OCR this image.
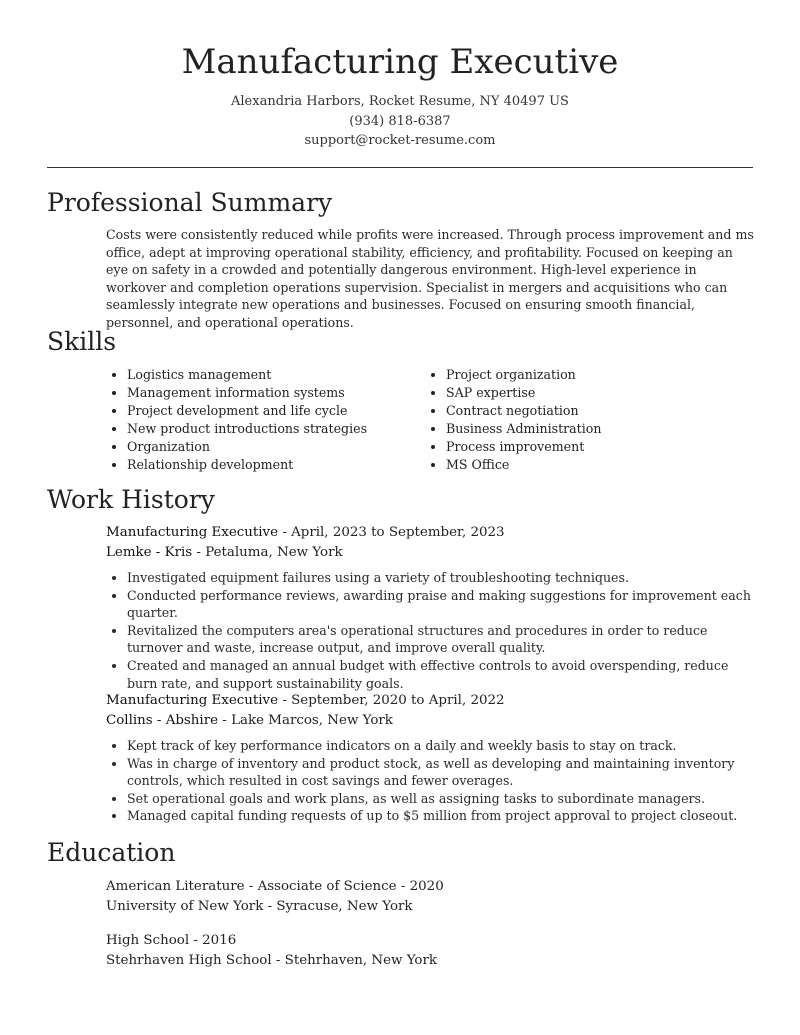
Manufacturing Executive
Alexandria Harbors, Rocket Resume, NY 40497 US
(934) 818-6387
support@rocket-resume.com
Professional Summary

Costs were consistently reduced while profits were increased. Through process improvement and ms office, adept at improving operational stability, efficiency, and profitability. Focused on keeping an eye on safety in a crowded and potentially dangerous environment. High-level experience in workover and completion operations supervision. Specialist in mergers and acquisitions who can seamlessly integrate new operations and businesses. Focused on ensuring smooth financial, personnel, and operational operations.

Skills
• Logistics management
• Management information systems
• Project development and life cycle
• New product introductions strategies
• Organization
• Relationship development
• Project organization
• SAP expertise
• Contract negotiation
• Business Administration
• Process improvement
• MS Office
Work History
Manufacturing Executive - April, 2023 to September, 2023
Lemke - Kris - Petaluma, New York
• Investigated equipment failures using a variety of troubleshooting techniques.
• Conducted performance reviews, awarding praise and making suggestions for improvement each quarter.
• Revitalized the computers area's operational structures and procedures in order to reduce turnover and waste, increase output, and improve overall quality.
• Created and managed an annual budget with effective controls to avoid overspending, reduce burn rate, and support sustainability goals.
Manufacturing Executive - September, 2020 to April, 2022
Collins - Abshire - Lake Marcos, New York
• Kept track of key performance indicators on a daily and weekly basis to stay on track.
• Was in charge of inventory and product stock, as well as developing and maintaining inventory controls, which resulted in cost savings and fewer overages.
• Set operational goals and work plans, as well as assigning tasks to subordinate managers.
• Managed capital funding requests of up to $5 million from project approval to project closeout.
Education
American Literature - Associate of Science - 2020
University of New York - Syracuse, New York
High School - 2016
Stehrhaven High School - Stehrhaven, New York
